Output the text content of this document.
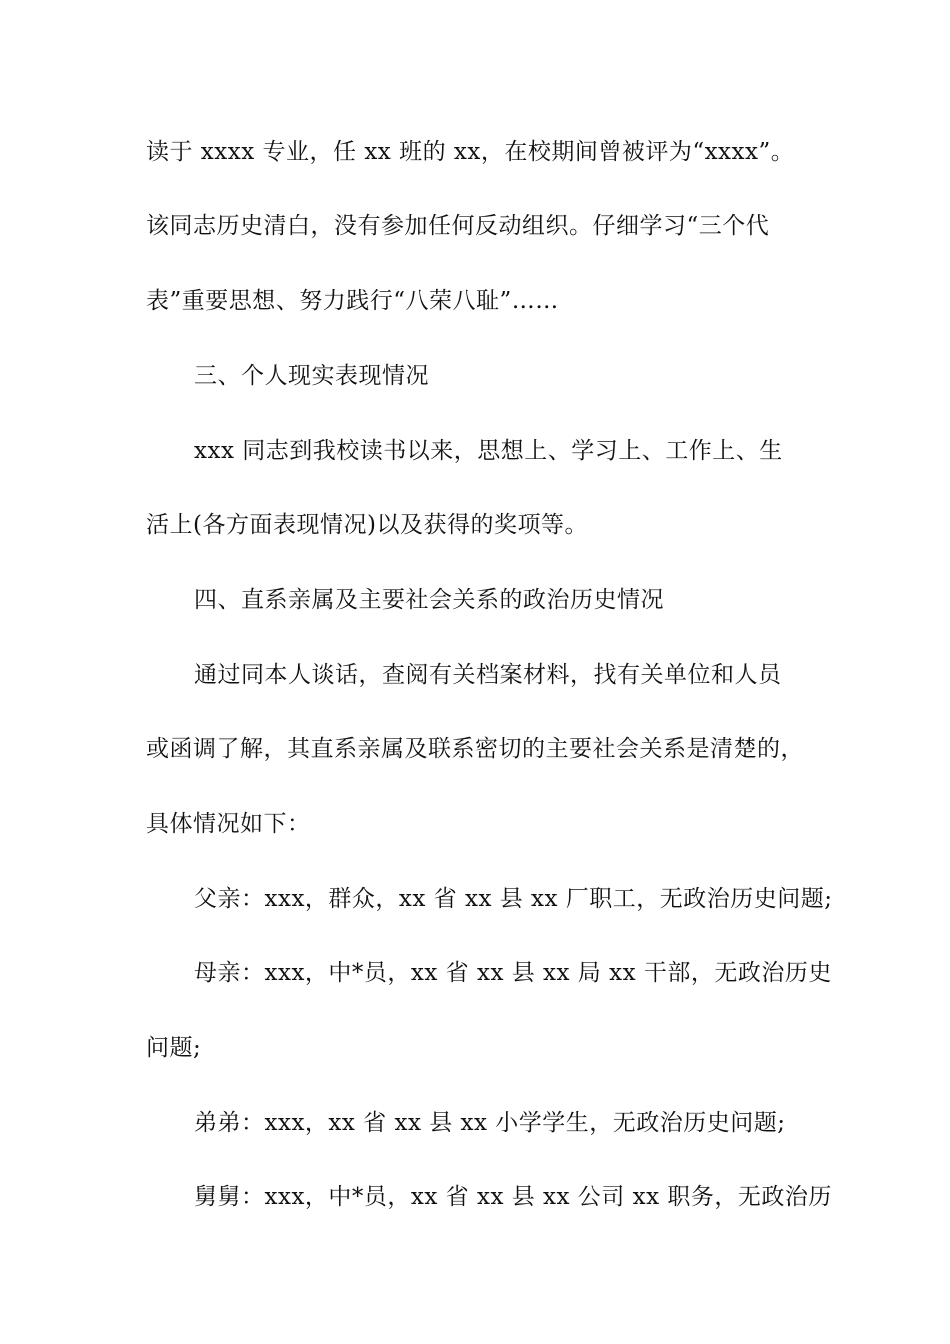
读于 xxxx 专业，任 xx 班的 xx，在校期间曾被评为“xxxx”。
该同志历史清白，没有参加任何反动组织。仔细学习“三个代
表”重要思想、努力践行“八荣八耻”……
三、个人现实表现情况
xxx 同志到我校读书以来，思想上、学习上、工作上、生
活上(各方面表现情况)以及获得的奖项等。
四、直系亲属及主要社会关系的政治历史情况
通过同本人谈话，查阅有关档案材料，找有关单位和人员
或函调了解，其直系亲属及联系密切的主要社会关系是清楚的，
具体情况如下：
父亲：xxx，群众，xx 省 xx 县 xx 厂职工，无政治历史问题;
母亲：xxx，中*员，xx 省 xx 县 xx 局 xx 干部，无政治历史
问题;
弟弟：xxx，xx 省 xx 县 xx 小学学生，无政治历史问题;
舅舅：xxx，中*员，xx 省 xx 县 xx 公司 xx 职务，无政治历
